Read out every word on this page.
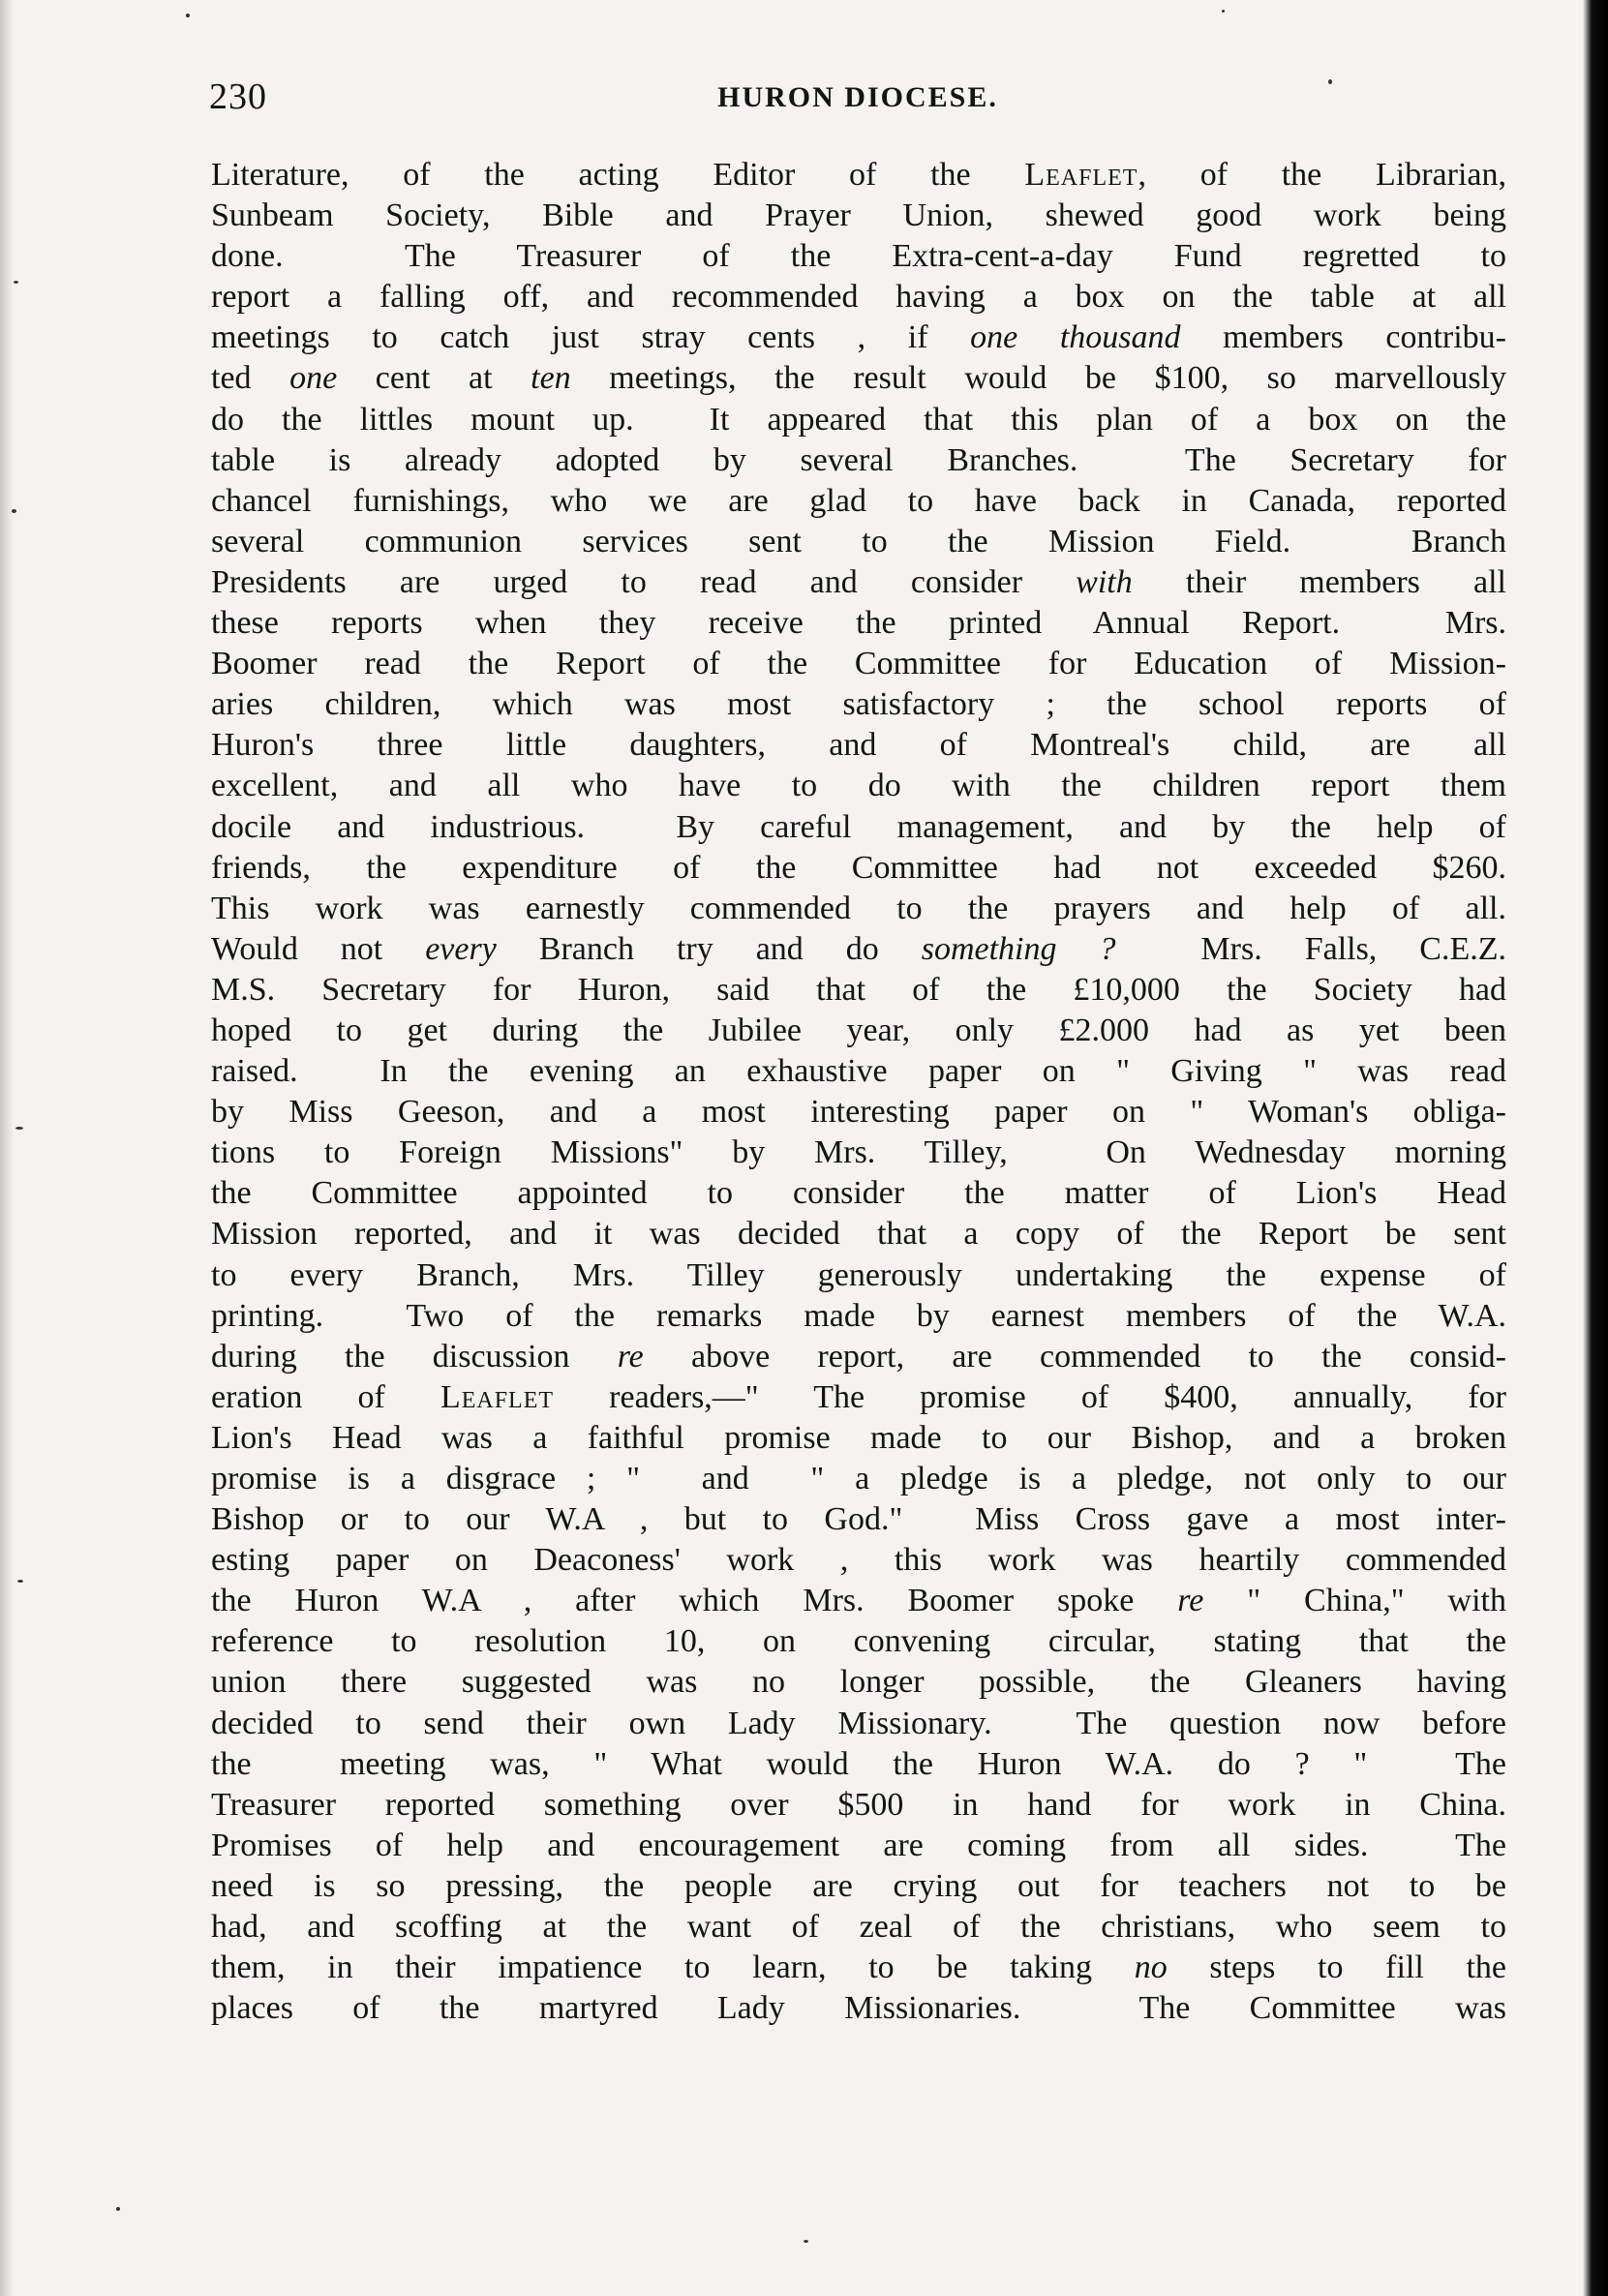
230	HURON DIOCESE.
Literature, of the acting Editor of the Leaflet, of the Librarian,
Sunbeam Society, Bible and Prayer Union, shewed good work being
done.  The Treasurer of the Extra-cent-a-day Fund regretted to
report a falling off, and recommended having a box on the table at all
meetings to catch just stray cents , if one thousand members contribu-
ted one cent at ten meetings, the result would be $100, so marvellously
do the littles mount up.  It appeared that this plan of a box on the
table is already adopted by several Branches.  The Secretary for
chancel furnishings, who we are glad to have back in Canada, reported
several communion services sent to the Mission Field.  Branch
Presidents are urged to read and consider with their members all
these reports when they receive the printed Annual Report.  Mrs.
Boomer read the Report of the Committee for Education of Mission-
aries children, which was most satisfactory ; the school reports of
Huron's three little daughters, and of Montreal's child, are all
excellent, and all who have to do with the children report them
docile and industrious.  By careful management, and by the help of
friends, the expenditure of the Committee had not exceeded $260.
This work was earnestly commended to the prayers and help of all.
Would not every Branch try and do something ?  Mrs. Falls, C.E.Z.
M.S. Secretary for Huron, said that of the £10,000 the Society had
hoped to get during the Jubilee year, only £2.000 had as yet been
raised.  In the evening an exhaustive paper on " Giving " was read
by Miss Geeson, and a most interesting paper on " Woman's obliga-
tions to Foreign Missions" by Mrs. Tilley,  On Wednesday morning
the Committee appointed to consider the matter of Lion's Head
Mission reported, and it was decided that a copy of the Report be sent
to every Branch, Mrs. Tilley generously undertaking the expense of
printing.  Two of the remarks made by earnest members of the W.A.
during the discussion re above report, are commended to the consid-
eration of Leaflet readers,—" The promise of $400, annually, for
Lion's Head was a faithful promise made to our Bishop, and a broken
promise is a disgrace ; "  and  " a pledge is a pledge, not only to our
Bishop or to our W.A , but to God."  Miss Cross gave a most inter-
esting paper on Deaconess' work , this work was heartily commended
the Huron W.A , after which Mrs. Boomer spoke re " China," with
reference to resolution 10, on convening circular, stating that the
union there suggested was no longer possible, the Gleaners having
decided to send their own Lady Missionary.  The question now before
the  meeting was, " What would the Huron W.A. do ? "  The
Treasurer reported something over $500 in hand for work in China.
Promises of help and encouragement are coming from all sides.  The
need is so pressing, the people are crying out for teachers not to be
had, and scoffing at the want of zeal of the christians, who seem to
them, in their impatience to learn, to be taking no steps to fill the
places of the martyred Lady Missionaries.  The Committee was
